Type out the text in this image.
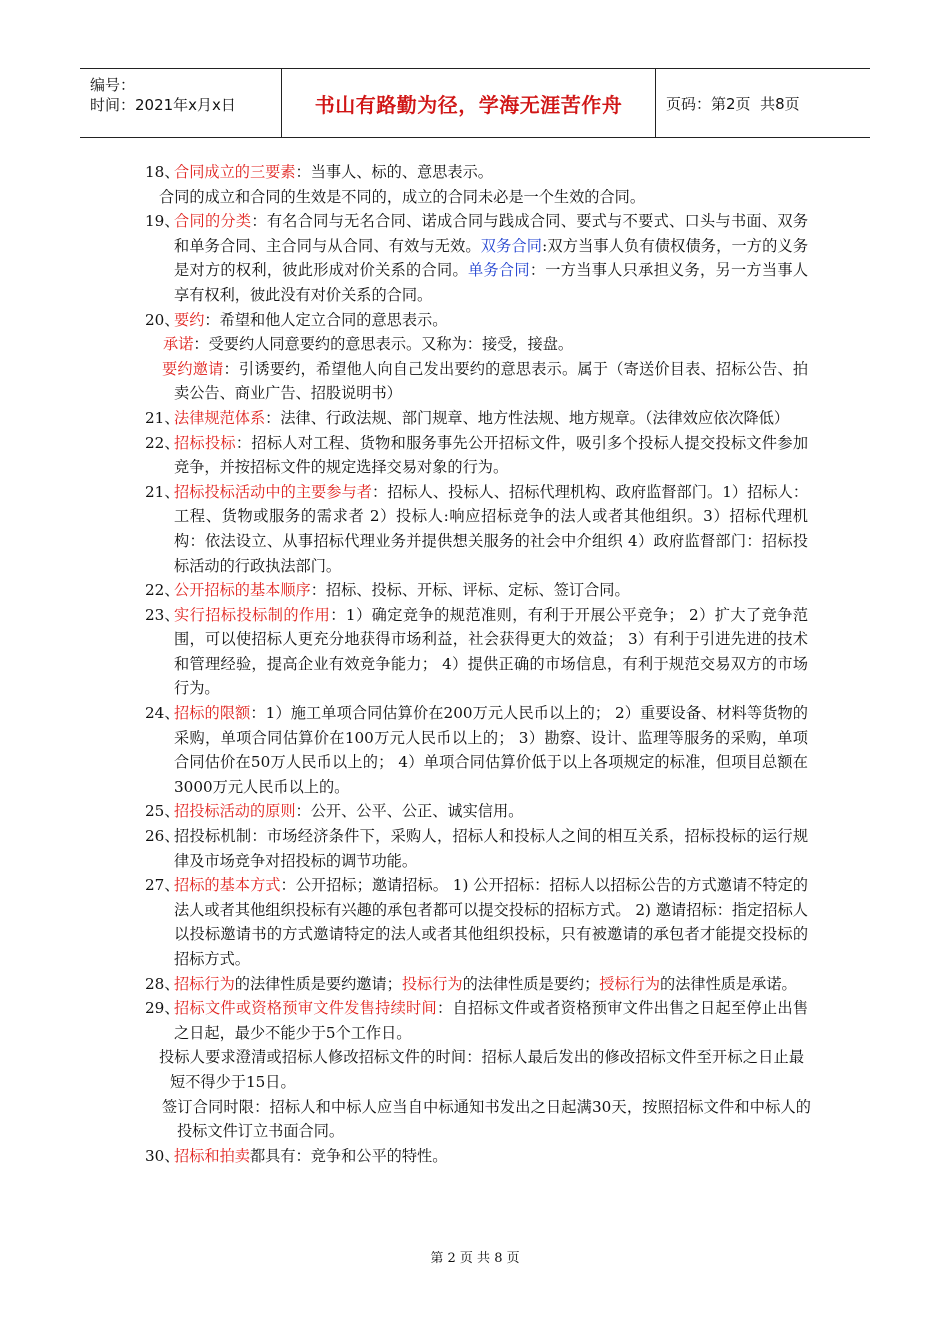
编号：
时间：2021年x月x日	书山有路勤为径，学海无涯苦作舟	页码：第2页  共8页
18、
合同成立的三要素：当事人、标的、意思表示。
合同的成立和合同的生效是不同的，成立的合同未必是一个生效的合同。
19、
合同的分类：有名合同与无名合同、诺成合同与践成合同、要式与不要式、口头与书面、双务和单务合同、主合同与从合同、有效与无效。双务合同:双方当事人负有债权债务，一方的义务是对方的权利，彼此形成对价关系的合同。单务合同：一方当事人只承担义务，另一方当事人享有权利，彼此没有对价关系的合同。
20、
要约：希望和他人定立合同的意思表示。
承诺：受要约人同意要约的意思表示。又称为：接受，接盘。
要约邀请：引诱要约，希望他人向自己发出要约的意思表示。属于（寄送价目表、招标公告、拍卖公告、商业广告、招股说明书）
21、
法律规范体系：法律、行政法规、部门规章、地方性法规、地方规章。（法律效应依次降低）
22、
招标投标：招标人对工程、货物和服务事先公开招标文件，吸引多个投标人提交投标文件参加竞争，并按招标文件的规定选择交易对象的行为。
21、
招标投标活动中的主要参与者：招标人、投标人、招标代理机构、政府监督部门。1）招标人：工程、货物或服务的需求者 2）投标人:响应招标竞争的法人或者其他组织。3）招标代理机构：依法设立、从事招标代理业务并提供想关服务的社会中介组织 4）政府监督部门：招标投标活动的行政执法部门。
22、
公开招标的基本顺序：招标、投标、开标、评标、定标、签订合同。
23、
实行招标投标制的作用：1）确定竞争的规范准则，有利于开展公平竞争； 2）扩大了竞争范围，可以使招标人更充分地获得市场利益，社会获得更大的效益； 3）有利于引进先进的技术和管理经验，提高企业有效竞争能力； 4）提供正确的市场信息，有利于规范交易双方的市场行为。
24、
招标的限额：1）施工单项合同估算价在200万元人民币以上的； 2）重要设备、材料等货物的采购，单项合同估算价在100万元人民币以上的； 3）勘察、设计、监理等服务的采购，单项合同估价在50万人民币以上的； 4）单项合同估算价低于以上各项规定的标准，但项目总额在3000万元人民币以上的。
25、
招投标活动的原则：公开、公平、公正、诚实信用。
26、
招投标机制：市场经济条件下，采购人，招标人和投标人之间的相互关系，招标投标的运行规律及市场竞争对招投标的调节功能。
27、
招标的基本方式：公开招标；邀请招标。 1) 公开招标：招标人以招标公告的方式邀请不特定的法人或者其他组织投标有兴趣的承包者都可以提交投标的招标方式。 2) 邀请招标：指定招标人以投标邀请书的方式邀请特定的法人或者其他组织投标，只有被邀请的承包者才能提交投标的招标方式。
28、
招标行为的法律性质是要约邀请；投标行为的法律性质是要约；授标行为的法律性质是承诺。
29、
招标文件或资格预审文件发售持续时间：自招标文件或者资格预审文件出售之日起至停止出售之日起，最少不能少于5个工作日。
投标人要求澄清或招标人修改招标文件的时间：招标人最后发出的修改招标文件至开标之日止最短不得少于15日。
签订合同时限：招标人和中标人应当自中标通知书发出之日起满30天，按照招标文件和中标人的投标文件订立书面合同。
30、
招标和拍卖都具有：竞争和公平的特性。
第 2 页 共 8 页
